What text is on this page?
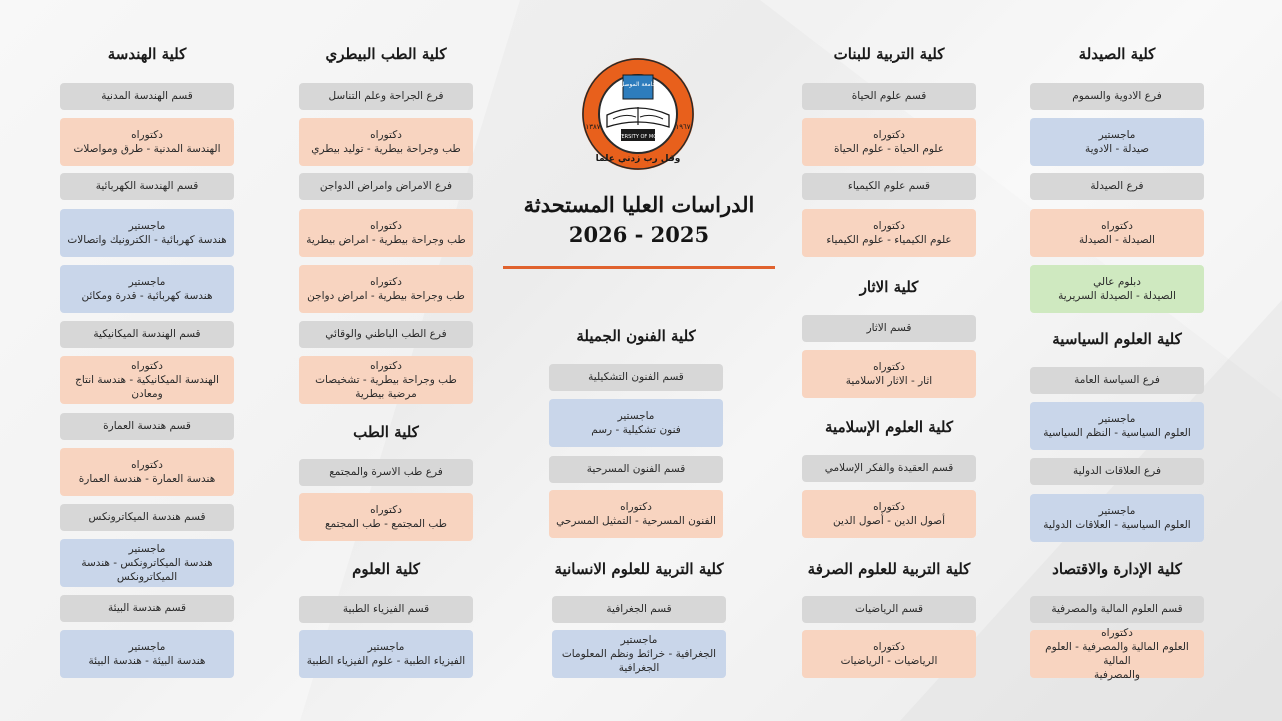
جامعة الموصل
UNIVERSITY OF MOSUL
وقل رب زدني علما
١٣٨٧	١٩٦٧
الدراسات العليا المستحدثة
2025 - 2026
كلية الصيدلة
فرع الادوية والسموم
ماجستير
صيدلة - الادوية
فرع الصيدلة
دكتوراه
الصيدلة - الصيدلة
دبلوم عالي
الصيدلة - الصيدلة السريرية
كلية العلوم السياسية
فرع السياسة العامة
ماجستير
العلوم السياسية - النظم السياسية
فرع العلاقات الدولية
ماجستير
العلوم السياسية - العلاقات الدولية
كلية الإدارة والاقتصاد
قسم العلوم المالية والمصرفية
دكتوراه
العلوم المالية والمصرفية - العلوم المالية
والمصرفية
كلية التربية للبنات
قسم علوم الحياة
دكتوراه
علوم الحياة - علوم الحياة
قسم علوم الكيمياء
دكتوراه
علوم الكيمياء - علوم الكيمياء
كلية الاثار
قسم الاثار
دكتوراه
اثار - الاثار الاسلامية
كلية العلوم الإسلامية
قسم العقيدة والفكر الإسلامي
دكتوراه
أصول الدين - أصول الدين
كلية التربية للعلوم الصرفة
قسم الرياضيات
دكتوراه
الرياضيات - الرياضيات
كلية الفنون الجميلة
قسم الفنون التشكيلية
ماجستير
فنون تشكيلية - رسم
قسم الفنون المسرحية
دكتوراه
الفنون المسرحية - التمثيل المسرحي
كلية التربية للعلوم الانسانية
قسم الجغرافية
ماجستير
الجغرافية - خرائط ونظم المعلومات
الجغرافية
كلية الطب البيطري
فرع الجراحة وعلم التناسل
دكتوراه
طب وجراحة بيطرية - توليد بيطري
فرع الامراض وامراض الدواجن
دكتوراه
طب وجراحة بيطرية - امراض بيطرية
دكتوراه
طب وجراحة بيطرية - امراض دواجن
فرع الطب الباطني والوقائي
دكتوراه
طب وجراحة بيطرية - تشخيصات
مرضية بيطرية
كلية الطب
فرع طب الاسرة والمجتمع
دكتوراه
طب المجتمع - طب المجتمع
كلية العلوم
قسم الفيزياء الطبية
ماجستير
الفيزياء الطبية - علوم الفيزياء الطبية
كلية الهندسة
قسم الهندسة المدنية
دكتوراه
الهندسة المدنية - طرق ومواصلات
قسم الهندسة الكهربائية
ماجستير
هندسة كهربائية - الكترونيك واتصالات
ماجستير
هندسة كهربائية - قدرة ومكائن
قسم الهندسة الميكانيكية
دكتوراه
الهندسة الميكانيكية - هندسة انتاج
ومعادن
قسم هندسة العمارة
دكتوراه
هندسة العمارة - هندسة العمارة
قسم هندسة الميكاترونكس
ماجستير
هندسة الميكاترونكس - هندسة
الميكاترونكس
قسم هندسة البيئة
ماجستير
هندسة البيئة - هندسة البيئة
